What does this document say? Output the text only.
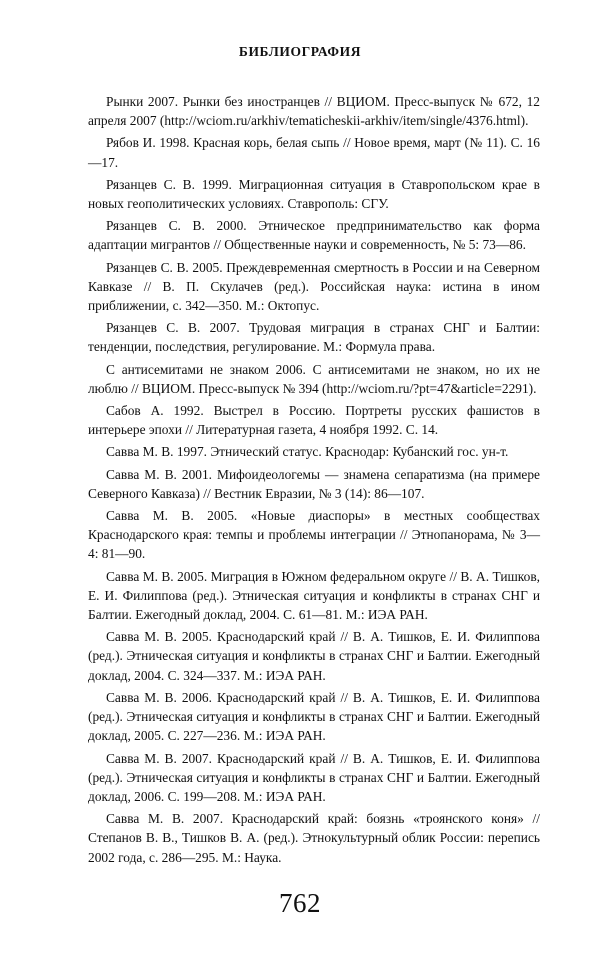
БИБЛИОГРАФИЯ

Рынки 2007. Рынки без иностранцев // ВЦИОМ. Пресс-выпуск № 672, 12 апреля 2007 (http://wciom.ru/arkhiv/tematicheskii-arkhiv/item/single/4376.html).

Рябов И. 1998. Красная корь, белая сыпь // Новое время, март (№ 11). С. 16—17.

Рязанцев С. В. 1999. Миграционная ситуация в Ставропольском крае в новых геополитических условиях. Ставрополь: СГУ.

Рязанцев С. В. 2000. Этническое предпринимательство как форма адаптации мигрантов // Общественные науки и современность, № 5: 73—86.

Рязанцев С. В. 2005. Преждевременная смертность в России и на Северном Кавказе // В. П. Скулачев (ред.). Российская наука: истина в ином приближении, с. 342—350. М.: Октопус.

Рязанцев С. В. 2007. Трудовая миграция в странах СНГ и Балтии: тенденции, последствия, регулирование. М.: Формула права.

С антисемитами не знаком 2006. С антисемитами не знаком, но их не люблю // ВЦИОМ. Пресс-выпуск № 394 (http://wciom.ru/?pt=47&article=2291).

Сабов А. 1992. Выстрел в Россию. Портреты русских фашистов в интерьере эпохи // Литературная газета, 4 ноября 1992. С. 14.

Савва М. В. 1997. Этнический статус. Краснодар: Кубанский гос. ун-т.

Савва М. В. 2001. Мифоидеологемы — знамена сепаратизма (на примере Северного Кавказа) // Вестник Евразии, № 3 (14): 86—107.

Савва М. В. 2005. «Новые диаспоры» в местных сообществах Краснодарского края: темпы и проблемы интеграции // Этнопанорама, № 3—4: 81—90.

Савва М. В. 2005. Миграция в Южном федеральном округе // В. А. Тишков, Е. И. Филиппова (ред.). Этническая ситуация и конфликты в странах СНГ и Балтии. Ежегодный доклад, 2004. С. 61—81. М.: ИЭА РАН.

Савва М. В. 2005. Краснодарский край // В. А. Тишков, Е. И. Филиппова (ред.). Этническая ситуация и конфликты в странах СНГ и Балтии. Ежегодный доклад, 2004. С. 324—337. М.: ИЭА РАН.

Савва М. В. 2006. Краснодарский край // В. А. Тишков, Е. И. Филиппова (ред.). Этническая ситуация и конфликты в странах СНГ и Балтии. Ежегодный доклад, 2005. С. 227—236. М.: ИЭА РАН.

Савва М. В. 2007. Краснодарский край // В. А. Тишков, Е. И. Филиппова (ред.). Этническая ситуация и конфликты в странах СНГ и Балтии. Ежегодный доклад, 2006. С. 199—208. М.: ИЭА РАН.

Савва М. В. 2007. Краснодарский край: боязнь «троянского коня» // Степанов В. В., Тишков В. А. (ред.). Этнокультурный облик России: перепись 2002 года, с. 286—295. М.: Наука.

762
